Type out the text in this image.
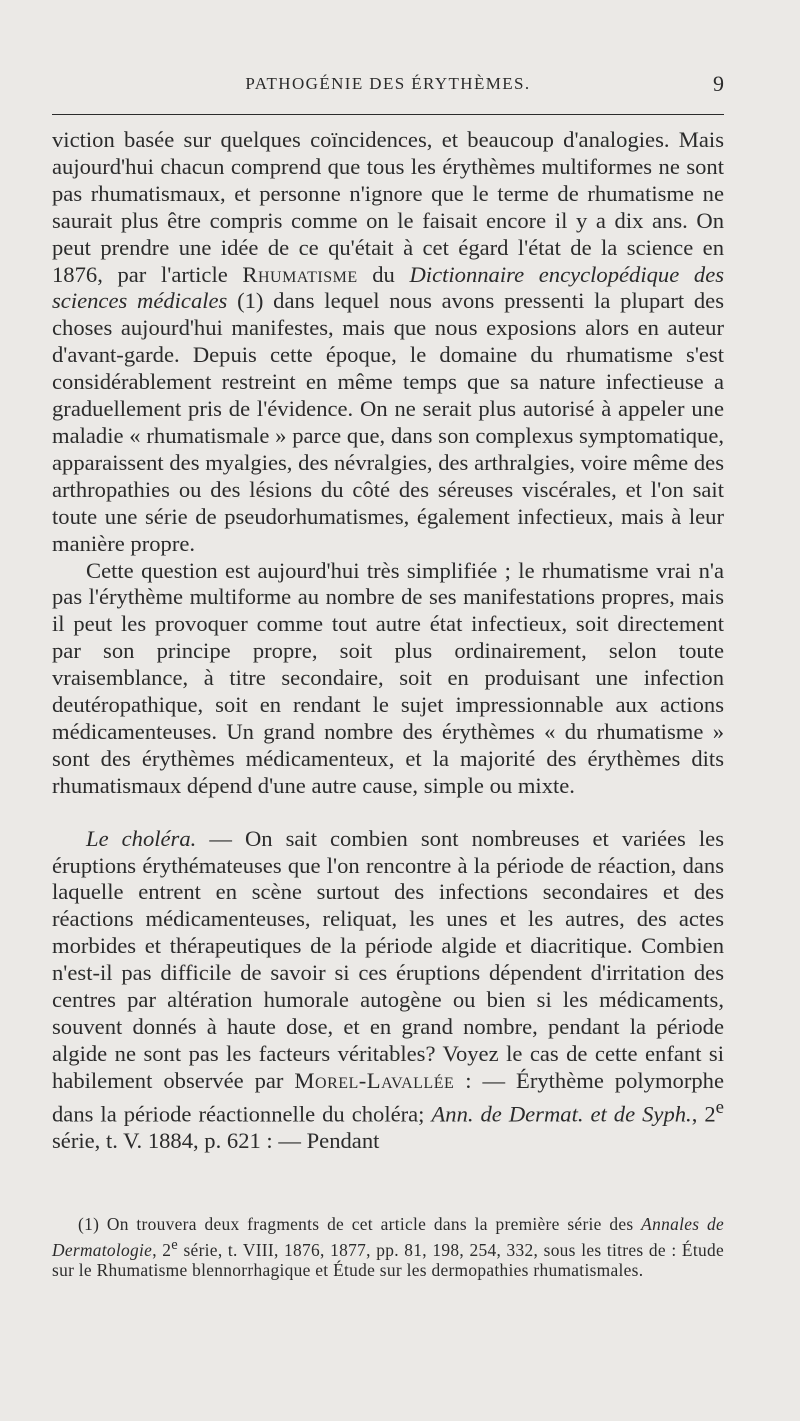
PATHOGÉNIE DES ÉRYTHÈMES.	9

viction basée sur quelques coïncidences, et beaucoup d'analogies. Mais aujourd'hui chacun comprend que tous les érythèmes multiformes ne sont pas rhumatismaux, et personne n'ignore que le terme de rhumatisme ne saurait plus être compris comme on le faisait encore il y a dix ans. On peut prendre une idée de ce qu'était à cet égard l'état de la science en 1876, par l'article Rhumatisme du Dictionnaire encyclopédique des sciences médicales (1) dans lequel nous avons pressenti la plupart des choses aujourd'hui manifestes, mais que nous exposions alors en auteur d'avant-garde. Depuis cette époque, le domaine du rhumatisme s'est considérablement restreint en même temps que sa nature infectieuse a graduellement pris de l'évidence. On ne serait plus autorisé à appeler une maladie « rhumatismale » parce que, dans son complexus symptomatique, apparaissent des myalgies, des névralgies, des arthralgies, voire même des arthropathies ou des lésions du côté des séreuses viscérales, et l'on sait toute une série de pseudorhumatismes, également infectieux, mais à leur manière propre.

Cette question est aujourd'hui très simplifiée ; le rhumatisme vrai n'a pas l'érythème multiforme au nombre de ses manifestations propres, mais il peut les provoquer comme tout autre état infectieux, soit directement par son principe propre, soit plus ordinairement, selon toute vraisemblance, à titre secondaire, soit en produisant une infection deutéropathique, soit en rendant le sujet impressionnable aux actions médicamenteuses. Un grand nombre des érythèmes « du rhumatisme » sont des érythèmes médicamenteux, et la majorité des érythèmes dits rhumatismaux dépend d'une autre cause, simple ou mixte.

Le choléra. — On sait combien sont nombreuses et variées les éruptions érythémateuses que l'on rencontre à la période de réaction, dans laquelle entrent en scène surtout des infections secondaires et des réactions médicamenteuses, reliquat, les unes et les autres, des actes morbides et thérapeutiques de la période algide et diacritique. Combien n'est-il pas difficile de savoir si ces éruptions dépendent d'irritation des centres par altération humorale autogène ou bien si les médicaments, souvent donnés à haute dose, et en grand nombre, pendant la période algide ne sont pas les facteurs véritables? Voyez le cas de cette enfant si habilement observée par Morel-Lavallée : — Érythème polymorphe dans la période réactionnelle du choléra; Ann. de Dermat. et de Syph., 2e série, t. V. 1884, p. 621 : — Pendant

(1) On trouvera deux fragments de cet article dans la première série des Annales de Dermatologie, 2e série, t. VIII, 1876, 1877, pp. 81, 198, 254, 332, sous les titres de : Étude sur le Rhumatisme blennorrhagique et Étude sur les dermopathies rhumatismales.
